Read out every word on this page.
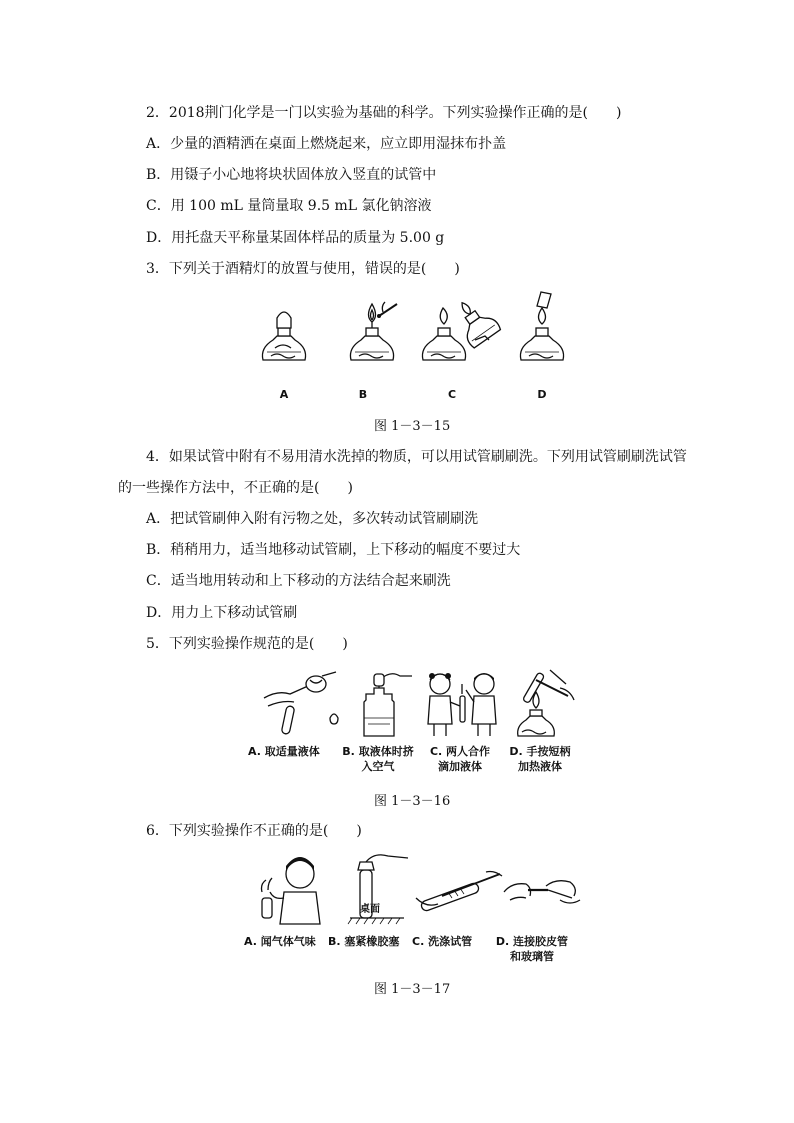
2．2018荆门化学是一门以实验为基础的科学。下列实验操作正确的是(　　)
A．少量的酒精洒在桌面上燃烧起来，应立即用湿抹布扑盖
B．用镊子小心地将块状固体放入竖直的试管中
C．用 100 mL 量筒量取 9.5 mL 氯化钠溶液
D．用托盘天平称量某固体样品的质量为 5.00 g
3．下列关于酒精灯的放置与使用，错误的是(　　)
A	B	C	D
图 1－3－15
4．如果试管中附有不易用清水洗掉的物质，可以用试管刷刷洗。下列用试管刷刷洗试管
的一些操作方法中，不正确的是(　　)
A．把试管刷伸入附有污物之处，多次转动试管刷刷洗
B．稍稍用力，适当地移动试管刷，上下移动的幅度不要过大
C．适当地用转动和上下移动的方法结合起来刷洗
D．用力上下移动试管刷
5．下列实验操作规范的是(　　)
A. 取适量液体	B. 取液体时挤
入空气
C. 两人合作
滴加液体
D. 手按短柄
加热液体
图 1－3－16
6．下列实验操作不正确的是(　　)
桌面
A. 闻气体气味	B. 塞紧橡胶塞	C. 洗涤试管	D. 连接胶皮管
和玻璃管
图 1－3－17
